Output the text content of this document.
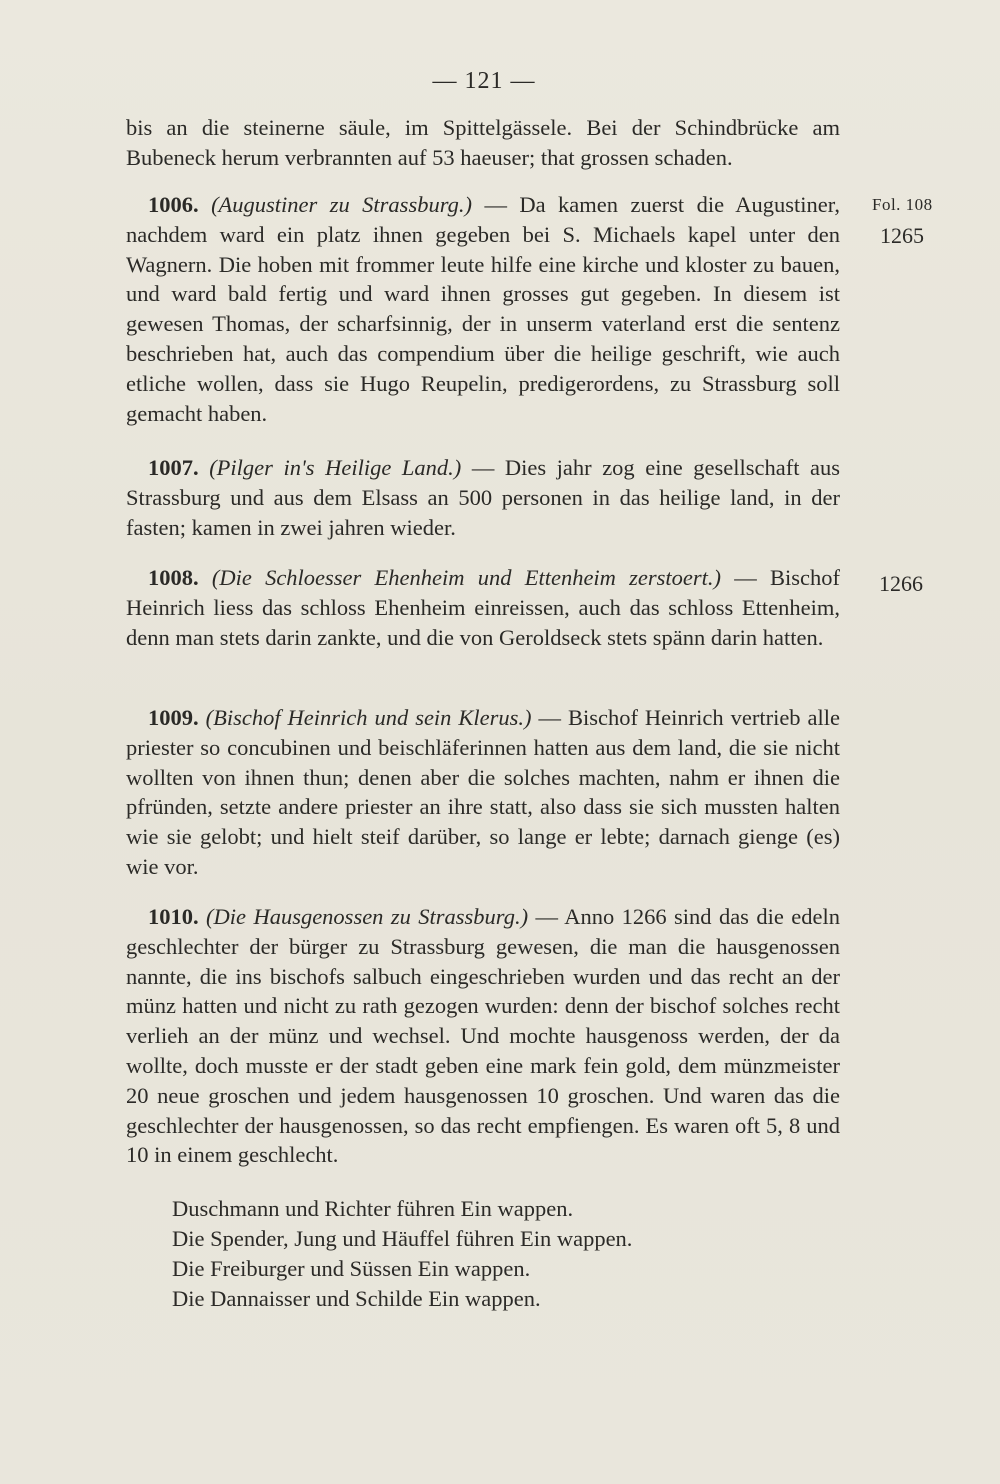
— 121 —
Fol. 108
1265
1266

bis an die steinerne säule, im Spittelgässele. Bei der Schindbrücke am Bubeneck herum verbrannten auf 53 haeuser; that grossen schaden.

1006. (Augustiner zu Strassburg.) — Da kamen zuerst die Augustiner, nachdem ward ein platz ihnen gegeben bei S. Michaels kapel unter den Wagnern. Die hoben mit frommer leute hilfe eine kirche und kloster zu bauen, und ward bald fertig und ward ihnen grosses gut gegeben. In diesem ist gewesen Thomas, der scharfsinnig, der in unserm vaterland erst die sentenz beschrieben hat, auch das compendium über die heilige geschrift, wie auch etliche wollen, dass sie Hugo Reupelin, predigerordens, zu Strassburg soll gemacht haben.

1007. (Pilger in's Heilige Land.) — Dies jahr zog eine gesellschaft aus Strassburg und aus dem Elsass an 500 personen in das heilige land, in der fasten; kamen in zwei jahren wieder.

1008. (Die Schloesser Ehenheim und Ettenheim zerstoert.) — Bischof Heinrich liess das schloss Ehenheim einreissen, auch das schloss Ettenheim, denn man stets darin zankte, und die von Geroldseck stets spänn darin hatten.

1009. (Bischof Heinrich und sein Klerus.) — Bischof Heinrich vertrieb alle priester so concubinen und beischläferinnen hatten aus dem land, die sie nicht wollten von ihnen thun; denen aber die solches machten, nahm er ihnen die pfründen, setzte andere priester an ihre statt, also dass sie sich mussten halten wie sie gelobt; und hielt steif darüber, so lange er lebte; darnach gienge (es) wie vor.

1010. (Die Hausgenossen zu Strassburg.) — Anno 1266 sind das die edeln geschlechter der bürger zu Strassburg gewesen, die man die hausgenossen nannte, die ins bischofs salbuch eingeschrieben wurden und das recht an der münz hatten und nicht zu rath gezogen wurden: denn der bischof solches recht verlieh an der münz und wechsel. Und mochte hausgenoss werden, der da wollte, doch musste er der stadt geben eine mark fein gold, dem münzmeister 20 neue groschen und jedem hausgenossen 10 groschen. Und waren das die geschlechter der hausgenossen, so das recht empfiengen. Es waren oft 5, 8 und 10 in einem geschlecht.

Duschmann und Richter führen Ein wappen.
Die Spender, Jung und Häuffel führen Ein wappen.
Die Freiburger und Süssen Ein wappen.
Die Dannaisser und Schilde Ein wappen.
